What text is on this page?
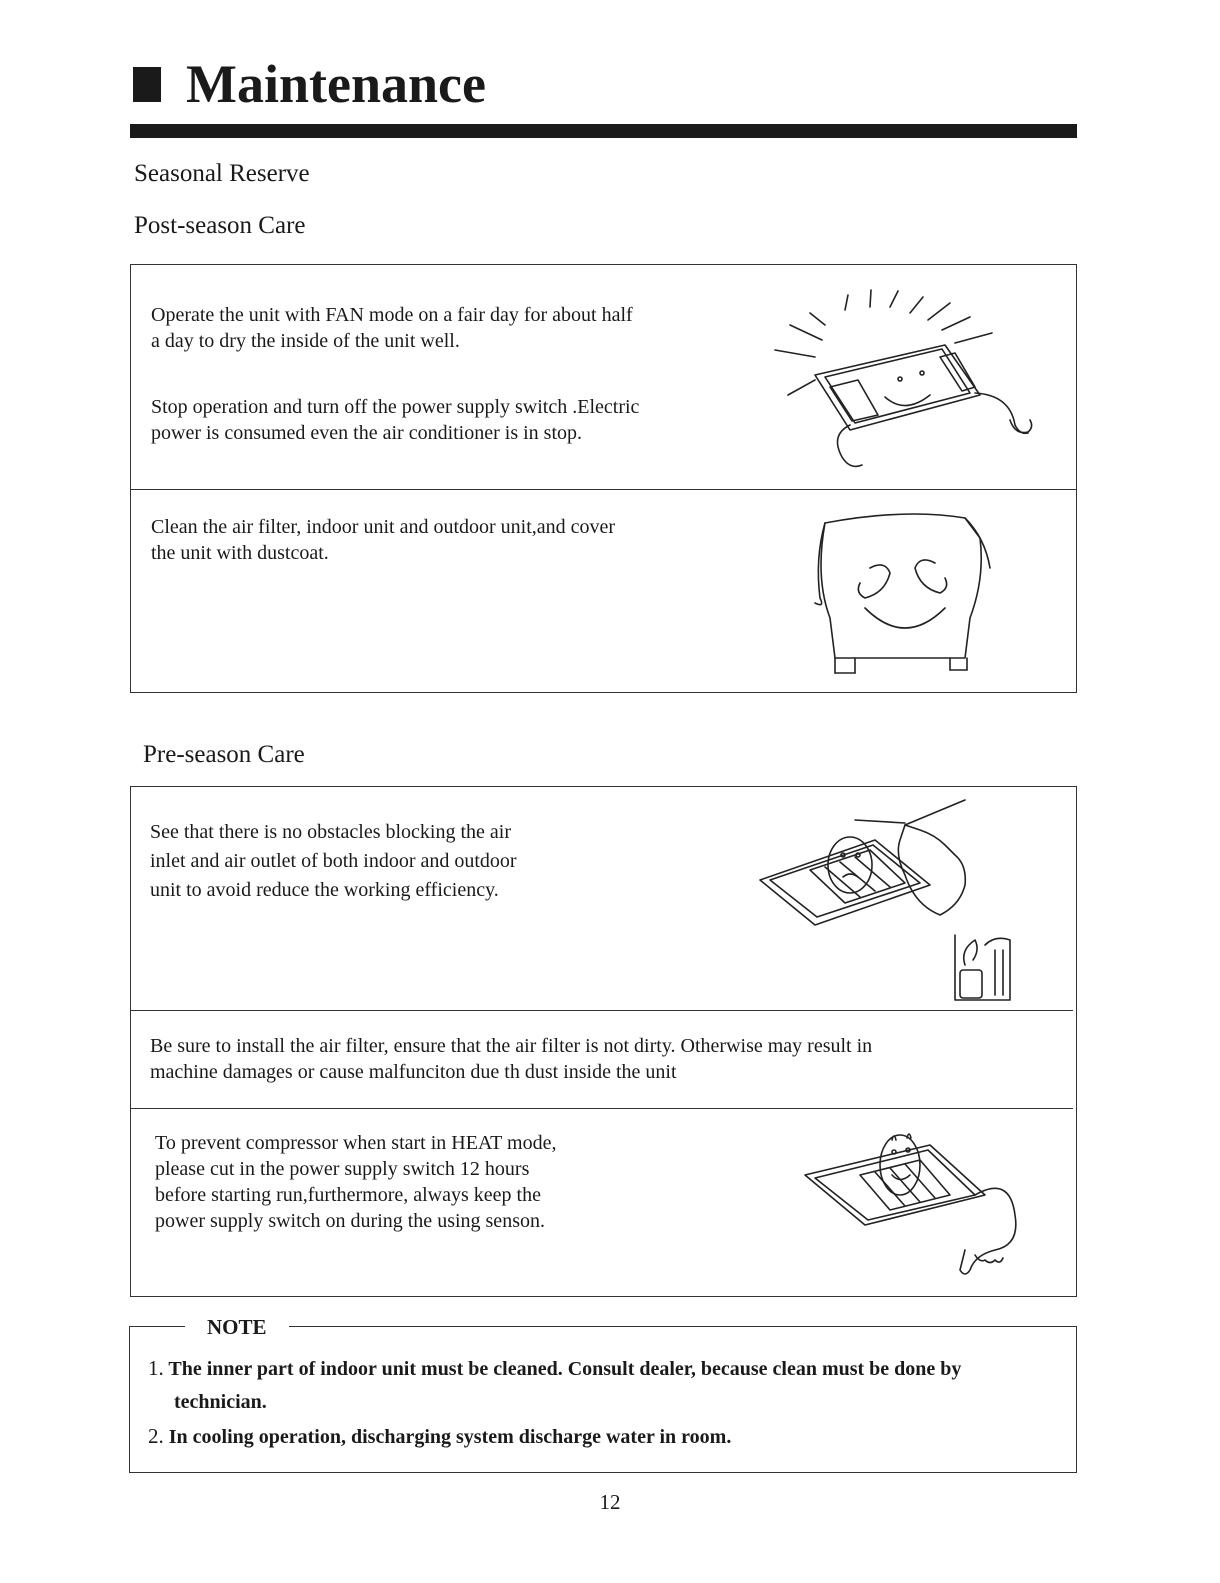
Maintenance
Seasonal Reserve
Post-season Care
Operate the unit with FAN mode on a fair day for about half
a day to dry the inside of the unit well.
Stop operation and turn off the power supply switch .Electric
power is consumed even the air conditioner is in stop.
Clean the air filter, indoor unit and outdoor unit,and cover
the unit with dustcoat.
Pre-season Care
See that there is no obstacles blocking the air
inlet and air outlet of both indoor and outdoor
unit to avoid reduce the working efficiency.
Be sure to install the air filter, ensure that the air filter is not dirty. Otherwise may result in
machine damages or cause malfunciton due th dust inside the unit
To prevent compressor when start in HEAT mode,
please cut in the power supply switch 12 hours
before starting run,furthermore, always keep the
power supply switch on during the using senson.
NOTE
1. The inner part of indoor unit must be cleaned. Consult dealer, because clean must be done by
technician.
2. In cooling operation, discharging system discharge water in room.
12
